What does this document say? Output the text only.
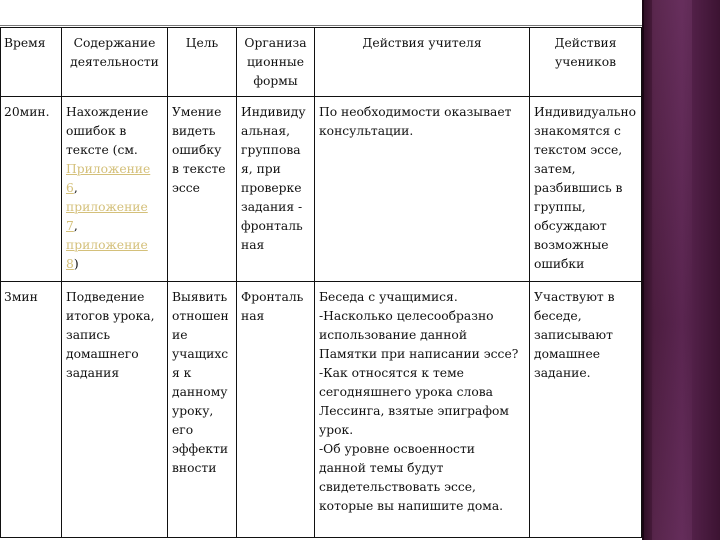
Время	Содержание деятельности	Цель	Организационные формы	Действия учителя	Действия учеников
20мин.	Нахождение ошибок в тексте (см. Приложение 6, приложение 7, приложение 8)	Умение видеть ошибку в тексте эссе	Индивидуальная, группова я, при проверке задания - фронтальная	По необходимости оказывает консультации.	Индивидуально знакомятся с текстом эссе, затем, разбившись в группы, обсуждают возможные ошибки
3мин	Подведение итогов урока, запись домашнего задания	Выявить отношение учащихся к данному уроку, его эффективности	Фронтальная	Беседа с учащимися.
-Насколько целесообразно использование данной Памятки при написании эссе?
-Как относятся к теме сегодняшнего урока слова Лессинга, взятые эпиграфом урок.
-Об уровне освоенности данной темы будут свидетельствовать эссе, которые вы напишите дома.	Участвуют в беседе, записывают домашнее задание.
